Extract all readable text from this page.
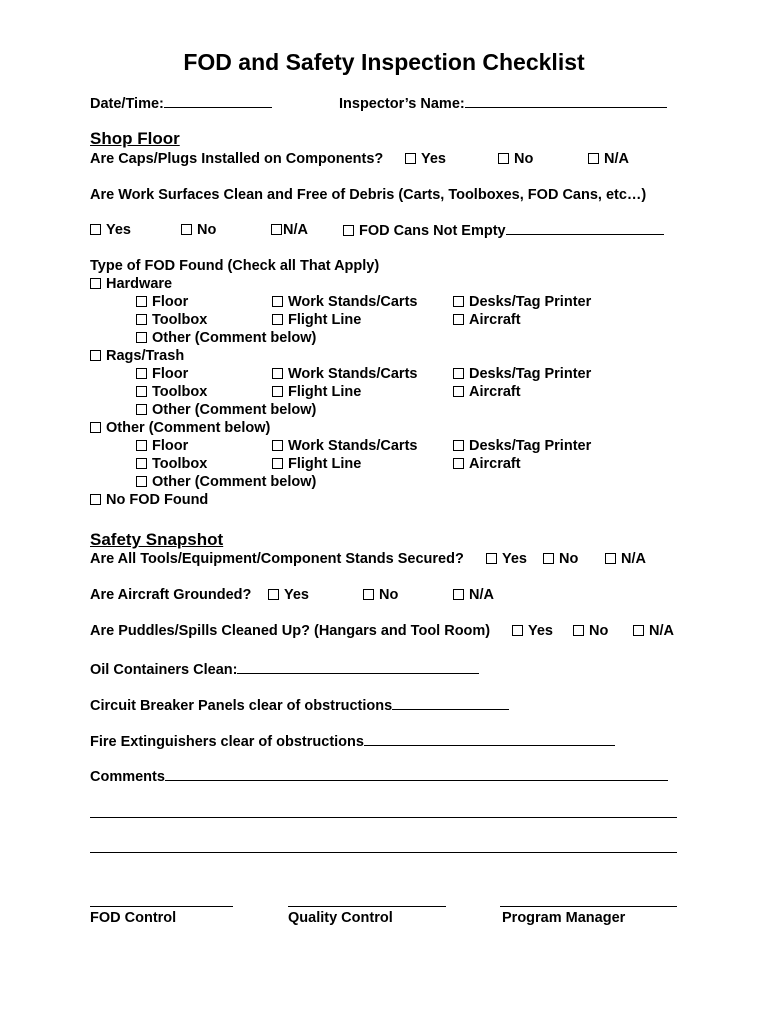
FOD and Safety Inspection Checklist
Date/Time:	Inspector’s Name:
Shop Floor
Are Caps/Plugs Installed on Components?	Yes	No	N/A
Are Work Surfaces Clean and Free of Debris (Carts, Toolboxes, FOD Cans, etc…)
Yes	No	N/A	FOD Cans Not Empty
Type of FOD Found (Check all That Apply)
Hardware
Floor	Work Stands/Carts	Desks/Tag Printer
Toolbox	Flight Line	Aircraft
Other (Comment below)
Rags/Trash
Floor	Work Stands/Carts	Desks/Tag Printer
Toolbox	Flight Line	Aircraft
Other (Comment below)
Other (Comment below)
Floor	Work Stands/Carts	Desks/Tag Printer
Toolbox	Flight Line	Aircraft
Other (Comment below)
No FOD Found
Safety Snapshot
Are All Tools/Equipment/Component Stands Secured?	Yes	No	N/A
Are Aircraft Grounded?	Yes	No	N/A
Are Puddles/Spills Cleaned Up? (Hangars and Tool Room)	Yes	No	N/A
Oil Containers Clean:
Circuit Breaker Panels clear of obstructions
Fire Extinguishers clear of obstructions
Comments
FOD Control	Quality Control	Program Manager
